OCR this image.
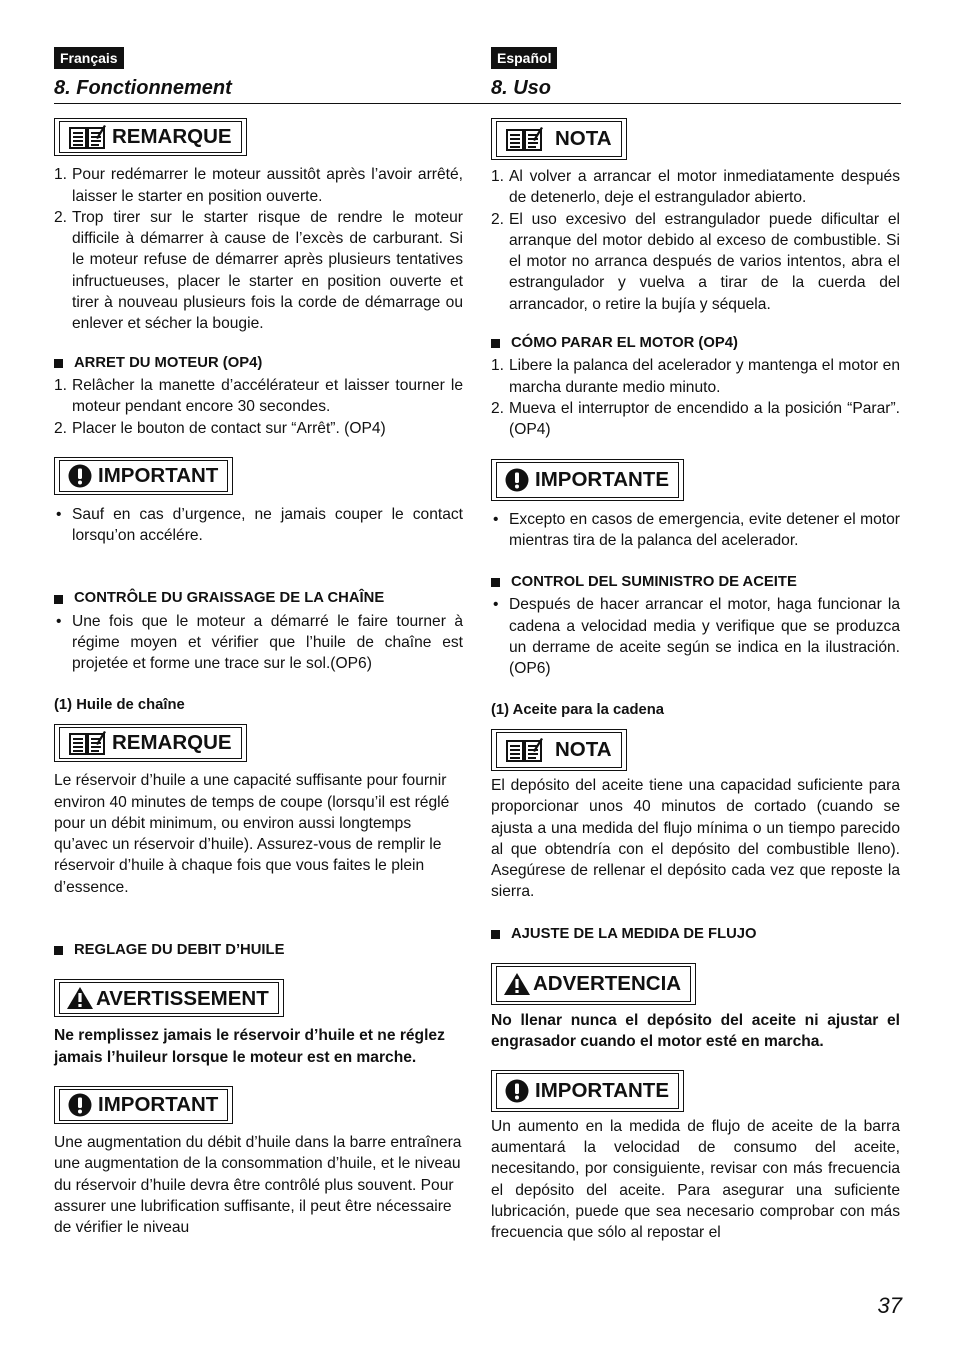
Français	Español
8. Fonctionnement	8. Uso
REMARQUE
1. Pour redémarrer le moteur aussitôt après l’avoir arrêté, laisser le starter en position ouverte.
2. Trop tirer sur le starter risque de rendre le moteur difficile à démarrer à cause de l’excès de carburant. Si le moteur refuse de démarrer après plusieurs tentatives infructueuses, placer le starter en position ouverte et tirer à nouveau plusieurs fois la corde de démarrage ou enlever et sécher la bougie.
ARRET DU MOTEUR (OP4)
1. Relâcher la manette d’accélérateur et laisser tourner le moteur pendant encore 30 secondes.
2. Placer le bouton de contact sur “Arrêt”. (OP4)
IMPORTANT
• Sauf en cas d’urgence, ne jamais couper le contact lorsqu’on accélére.
CONTRÔLE DU GRAISSAGE DE LA CHAÎNE
• Une fois que le moteur a démarré le faire tourner à régime moyen et vérifier que l’huile de chaîne est projetée et forme une trace sur le sol.(OP6)
(1) Huile de chaîne
REMARQUE

Le réservoir d’huile a une capacité suffisante pour fournir environ 40 minutes de temps de coupe (lorsqu’il est réglé pour un débit minimum, ou environ aussi longtemps qu’avec un réservoir d’huile). Assurez-vous de remplir le réservoir d’huile à chaque fois que vous faites le plein d’essence.

REGLAGE DU DEBIT D’HUILE
AVERTISSEMENT

Ne remplissez jamais le réservoir d’huile et ne réglez jamais l’huileur lorsque le moteur est en marche.

IMPORTANT

Une augmentation du débit d’huile dans la barre entraînera une augmentation de la consommation d’huile, et le niveau du réservoir d’huile devra être contrôlé plus souvent. Pour assurer une lubrification suffisante, il peut être nécessaire de vérifier le niveau

NOTA
1. Al volver a arrancar el motor inmediatamente después de detenerlo, deje el estrangulador abierto.
2. El uso excesivo del estrangulador puede dificultar el arranque del motor debido al exceso de combustible. Si el motor no arranca después de varios intentos, abra el estrangulador y vuelva a tirar de la cuerda del arrancador, o retire la bujía y séquela.
CÓMO PARAR EL MOTOR (OP4)
1. Libere la palanca del acelerador y mantenga el motor en marcha durante medio minuto.
2. Mueva el interruptor de encendido a la posición “Parar”. (OP4)
IMPORTANTE
• Excepto en casos de emergencia, evite detener el motor mientras tira de la palanca del acelerador.
CONTROL DEL SUMINISTRO DE ACEITE
• Después de hacer arrancar el motor, haga funcionar la cadena a velocidad media y verifique que se produzca un derrame de aceite según se indica en la ilustración. (OP6)
(1) Aceite para la cadena
NOTA

El depósito del aceite tiene una capacidad suficiente para proporcionar unos 40 minutos de cortado (cuando se ajusta a una medida del flujo mínima o un tiempo parecido al que obtendría con el depósito del combustible lleno). Asegúrese de rellenar el depósito cada vez que reposte la sierra.

AJUSTE DE LA MEDIDA DE FLUJO
ADVERTENCIA

No llenar nunca el depósito del aceite ni ajustar el engrasador cuando el motor esté en marcha.

IMPORTANTE

Un aumento en la medida de flujo de aceite de la barra aumentará la velocidad de consumo del aceite, necesitando, por consiguiente, revisar con más frecuencia el depósito del aceite. Para asegurar una suficiente lubricación, puede que sea necesario comprobar con más frecuencia que sólo al repostar el

37
